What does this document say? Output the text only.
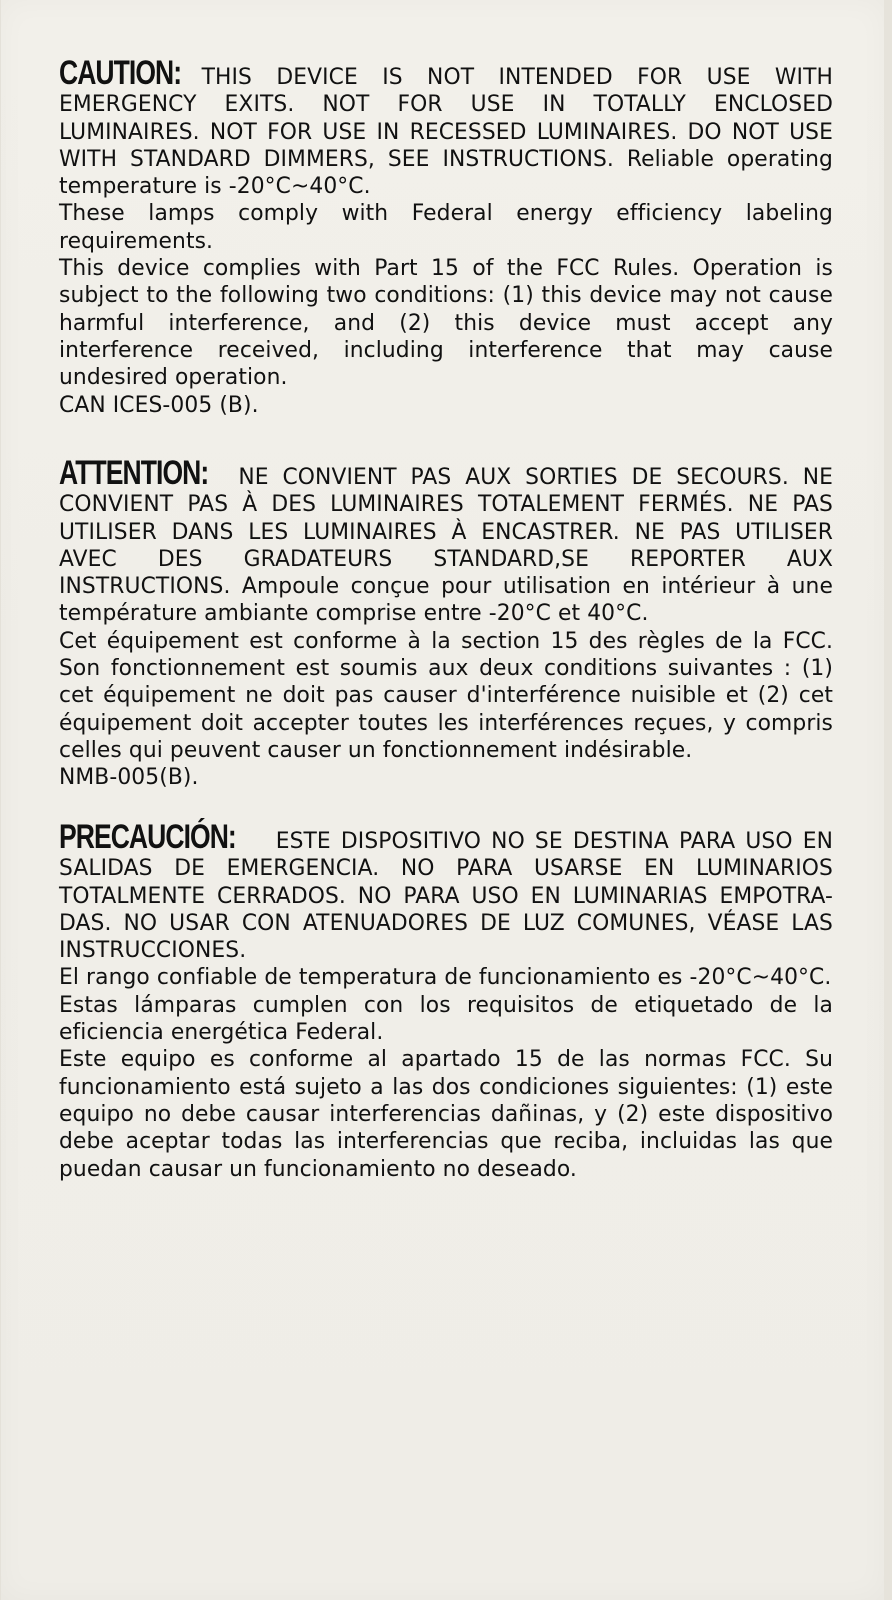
CAUTION: THIS DEVICE IS NOT INTENDED FOR USE WITH EMERGENCY EXITS. NOT FOR USE IN TOTALLY ENCLOSED LUMINAIRES. NOT FOR USE IN RECESSED LUMINAIRES. DO NOT USE WITH STANDARD DIMMERS, SEE INSTRUCTIONS. Reliable operating temperature is -20°C~40°C.

These lamps comply with Federal energy efficiency labeling requirements.

This device complies with Part 15 of the FCC Rules. Operation is subject to the following two conditions: (1) this device may not cause harmful interference, and (2) this device must accept any interference received, including interference that may cause undesired operation.

CAN ICES-005 (B).

ATTENTION: NE CONVIENT PAS AUX SORTIES DE SECOURS. NE CONVIENT PAS À DES LUMINAIRES TOTALEMENT FERMÉS. NE PAS UTILISER DANS LES LUMINAIRES À ENCASTRER. NE PAS UTILISER AVEC DES GRADATEURS STANDARD,SE REPORTER AUX INSTRUCTIONS. Ampoule conçue pour utilisation en intérieur à une température ambiante comprise entre -20°C et 40°C.

Cet équipement est conforme à la section 15 des règles de la FCC. Son fonctionnement est soumis aux deux conditions suivantes : (1) cet équipement ne doit pas causer d'interférence nuisible et (2) cet équipement doit accepter toutes les interférences reçues, y compris celles qui peuvent causer un fonctionnement indésirable.

NMB-005(B).

PRECAUCIÓN: ESTE DISPOSITIVO NO SE DESTINA PARA USO EN SALIDAS DE EMERGENCIA. NO PARA USARSE EN LUMINARIOS TOTALMENTE CERRADOS. NO PARA USO EN LUMINARIAS EMPOTRA-DAS. NO USAR CON ATENUADORES DE LUZ COMUNES, VÉASE LAS INSTRUCCIONES.

El rango confiable de temperatura de funcionamiento es -20°C~40°C.

Estas lámparas cumplen con los requisitos de etiquetado de la eficiencia energética Federal.

Este equipo es conforme al apartado 15 de las normas FCC. Su funcionamiento está sujeto a las dos condiciones siguientes: (1) este equipo no debe causar interferencias dañinas, y (2) este dispositivo debe aceptar todas las interferencias que reciba, incluidas las que puedan causar un funcionamiento no deseado.
